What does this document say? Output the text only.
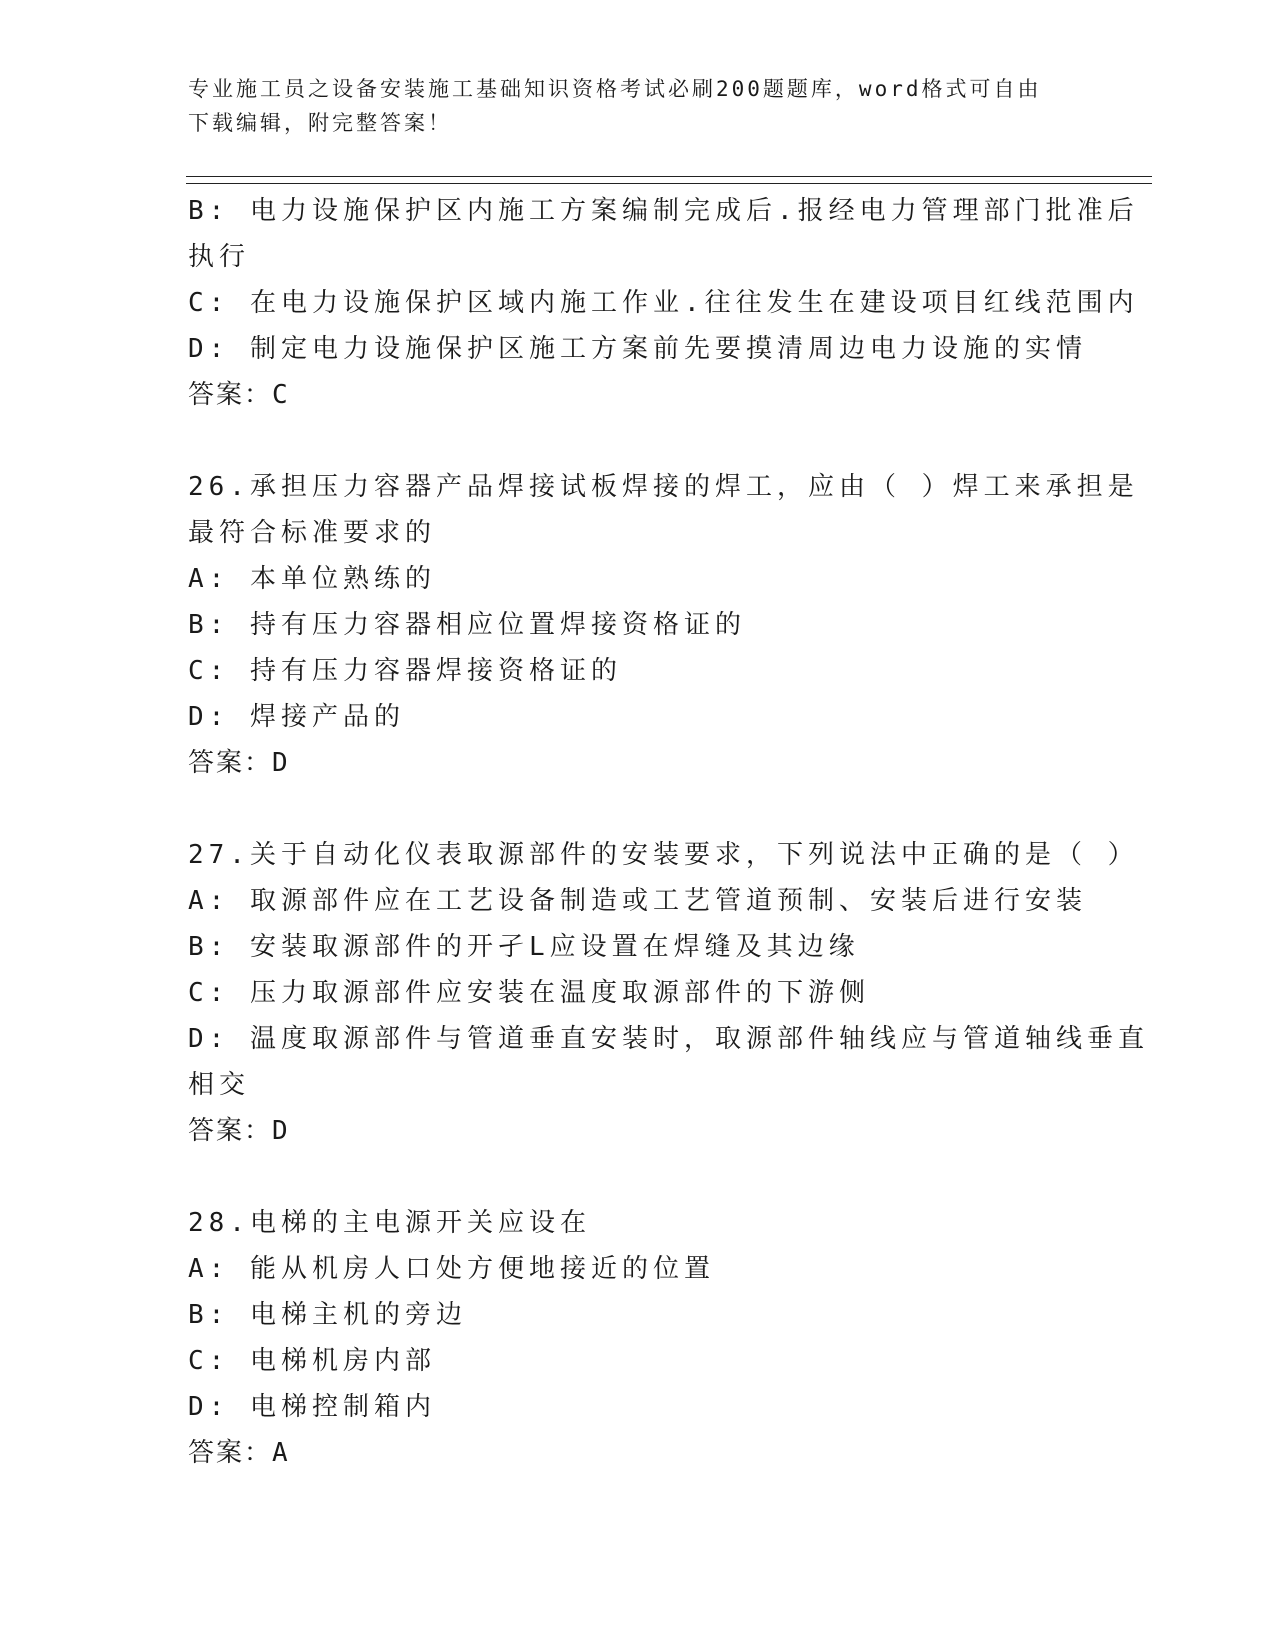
专业施工员之设备安装施工基础知识资格考试必刷200题题库，word格式可自由
下载编辑，附完整答案！
B: 电力设施保护区内施工方案编制完成后.报经电力管理部门批准后
执行
C: 在电力设施保护区域内施工作业.往往发生在建设项目红线范围内
D: 制定电力设施保护区施工方案前先要摸清周边电力设施的实情
答案：C
26.承担压力容器产品焊接试板焊接的焊工，应由（ ）焊工来承担是
最符合标准要求的
A: 本单位熟练的
B: 持有压力容器相应位置焊接资格证的
C: 持有压力容器焊接资格证的
D: 焊接产品的
答案：D
27.关于自动化仪表取源部件的安装要求，下列说法中正确的是（ ）
A: 取源部件应在工艺设备制造或工艺管道预制、安装后进行安装
B: 安装取源部件的开孑L应设置在焊缝及其边缘
C: 压力取源部件应安装在温度取源部件的下游侧
D: 温度取源部件与管道垂直安装时，取源部件轴线应与管道轴线垂直
相交
答案：D
28.电梯的主电源开关应设在
A: 能从机房人口处方便地接近的位置
B: 电梯主机的旁边
C: 电梯机房内部
D: 电梯控制箱内
答案：A
